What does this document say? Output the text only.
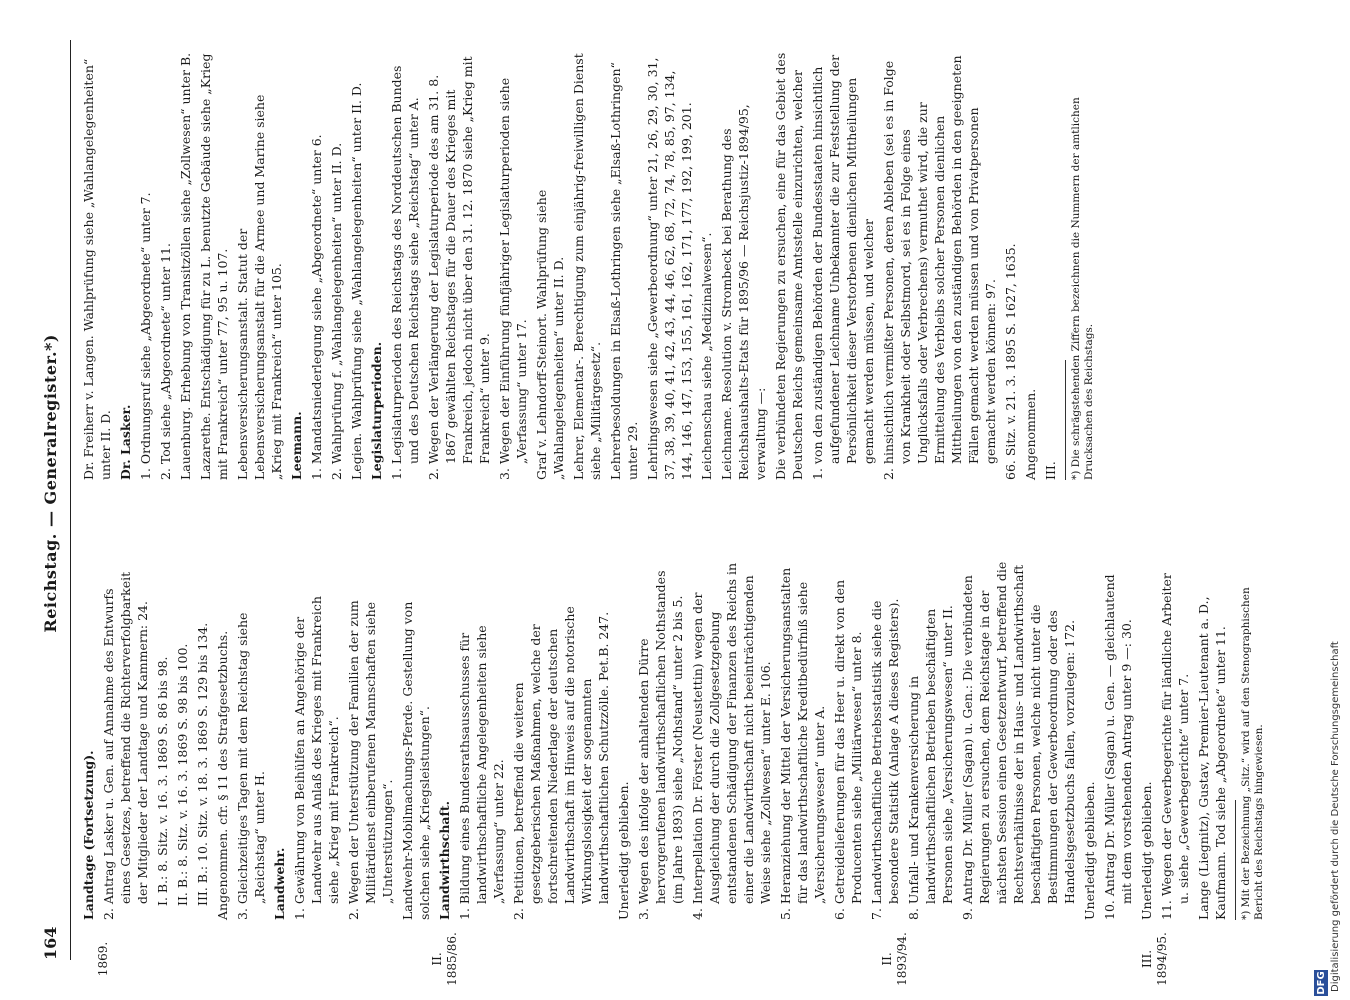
DFG Digitalisierung gefördert durch die Deutsche Forschungsgemeinschaft
164
Reichstag. — Generalregister.*)
1869.	II. 1885/86.	II. 1893/94.	III. 1894/95.

Landtage (Fortsetzung). 2. Antrag Lasker u. Gen. auf Annahme des Entwurfs eines Gesetzes, betreffend die Richterverfolgbarkeit der Mitglieder der Landtage und Kammern: 24. I. B.: 8. Sitz. v. 16. 3. 1869 S. 86 bis 98. II. B.: 8. Sitz. v. 16. 3. 1869 S. 98 bis 100. III. B.: 10. Sitz. v. 18. 3. 1869 S. 129 bis 134. Angenommen. cfr. § 11 des Strafgesetzbuchs. 3. Gleichzeitiges Tagen mit dem Reichstag siehe „Reichstag“ unter H. Landwehr. 1. Gewährung von Beihülfen an Angehörige der Landwehr aus Anlaß des Krieges mit Frankreich siehe „Krieg mit Frankreich“. 2. Wegen der Unterstützung der Familien der zum Militärdienst einberufenen Mannschaften siehe „Unterstützungen“. Landwehr-Mobilmachungs-Pferde. Gestellung von solchen siehe „Kriegsleistungen“. Landwirthschaft. 1. Bildung eines Bundesrathsausschusses für landwirthschaftliche Angelegenheiten siehe „Verfassung“ unter 22. 2. Petitionen, betreffend die weiteren gesetzgeberischen Maßnahmen, welche der fortschreitenden Niederlage der deutschen Landwirthschaft im Hinweis auf die notorische Wirkungslosigkeit der sogenannten landwirthschaftlichen Schutzzölle. Pet.B. 247. Unerledigt geblieben. 3. Wegen des infolge der anhaltenden Dürre hervorgerufenen landwirthschaftlichen Nothstandes (im Jahre 1893) siehe „Nothstand“ unter 2 bis 5. 4. Interpellation Dr. Förster (Neustettin) wegen der Ausgleichung der durch die Zollgesetzgebung entstandenen Schädigung der Finanzen des Reichs in einer die Landwirthschaft nicht beeinträchtigenden Weise siehe „Zollwesen“ unter E. 106. 5. Heranziehung der Mittel der Versicherungsanstalten für das landwirthschaftliche Kreditbedürfniß siehe „Versicherungswesen“ unter A. 6. Getreidelieferungen für das Heer u. direkt von den Producenten siehe „Militärwesen“ unter 8. 7. Landwirthschaftliche Betriebsstatistik siehe die besondere Statistik (Anlage A dieses Registers). 8. Unfall- und Krankenversicherung in landwirthschaftlichen Betrieben beschäftigten Personen siehe „Versicherungswesen“ unter II. 9. Antrag Dr. Müller (Sagan) u. Gen.: Die verbündeten Regierungen zu ersuchen, dem Reichstage in der nächsten Session einen Gesetzentwurf, betreffend die Rechtsverhältnisse der in Haus- und Landwirthschaft beschäftigten Personen, welche nicht unter die Bestimmungen der Gewerbeordnung oder des Handelsgesetzbuchs fallen, vorzulegen: 172. Unerledigt geblieben. 10. Antrag Dr. Müller (Sagan) u. Gen. — gleichlautend mit dem vorstehenden Antrag unter 9 —: 30. Unerledigt geblieben. 11. Wegen der Gewerbegerichte für ländliche Arbeiter u. siehe „Gewerbegerichte“ unter 7. Lange (Liegnitz), Gustav, Premier-Lieutenant a. D., Kaufmann. Tod siehe „Abgeordnete“ unter 11. *) Mit der Bezeichnung „Sitz.“ wird auf den Stenographischen Bericht des Reichstags hingewiesen.

Dr. Freiherr v. Langen. Wahlprüfung siehe „Wahlangelegenheiten“ unter II. D. Dr. Lasker. 1. Ordnungsruf siehe „Abgeordnete“ unter 7. 2. Tod siehe „Abgeordnete“ unter 11. Lauenburg. Erhebung von Transitzöllen siehe „Zollwesen“ unter B. Lazarethe. Entschädigung für zu L. benutzte Gebäude siehe „Krieg mit Frankreich“ unter 77, 95 u. 107. Lebensversicherungsanstalt. Statut der Lebensversicherungsanstalt für die Armee und Marine siehe „Krieg mit Frankreich“ unter 105. Leemann. 1. Mandatsniederlegung siehe „Abgeordnete“ unter 6. 2. Wahlprüfung f. „Wahlangelegenheiten“ unter II. D. Legien. Wahlprüfung siehe „Wahlangelegenheiten“ unter II. D. Legislaturperioden. 1. Legislaturperioden des Reichstags des Norddeutschen Bundes und des Deutschen Reichstags siehe „Reichstag“ unter A. 2. Wegen der Verlängerung der Legislaturperiode des am 31. 8. 1867 gewählten Reichstages für die Dauer des Krieges mit Frankreich, jedoch nicht über den 31. 12. 1870 siehe „Krieg mit Frankreich“ unter 9. 3. Wegen der Einführung fünfjähriger Legislaturperioden siehe „Verfassung“ unter 17. Graf v. Lehndorff-Steinort. Wahlprüfung siehe „Wahlangelegenheiten“ unter II. D. Lehrer, Elementar-. Berechtigung zum einjährig-freiwilligen Dienst siehe „Militärgesetz“. Lehrerbesoldungen in Elsaß-Lothringen siehe „Elsaß-Lothringen“ unter 29. Lehrlingswesen siehe „Gewerbeordnung“ unter 21, 26, 29, 30, 31, 37, 38, 39, 40, 41, 42, 43, 44, 46, 62, 68, 72, 74, 78, 85, 97, 134, 144, 146, 147, 153, 155, 161, 162, 171, 177, 192, 199, 201. Leichenschau siehe „Medizinalwesen“. Leichname. Resolution v. Strombeck bei Berathung des Reichshaushalts-Etats für 1895/96 — Reichsjustiz-1894/95, verwaltung —: Die verbündeten Regierungen zu ersuchen, eine für das Gebiet des Deutschen Reichs gemeinsame Amtsstelle einzurichten, welcher 1. von den zuständigen Behörden der Bundesstaaten hinsichtlich aufgefundener Leichname Unbekannter die zur Feststellung der Persönlichkeit dieser Verstorbenen dienlichen Mittheilungen gemacht werden müssen, und welcher 2. hinsichtlich vermißter Personen, deren Ableben (sei es in Folge von Krankheit oder Selbstmord, sei es in Folge eines Unglücksfalls oder Verbrechens) vermuthet wird, die zur Ermittelung des Verbleibs solcher Personen dienlichen Mittheilungen von den zuständigen Behörden in den geeigneten Fällen gemacht werden müssen und von Privatpersonen gemacht werden können: 97. 66. Sitz. v. 21. 3. 1895 S. 1627, 1635. Angenommen. III. *) Die schrägstehenden Ziffern bezeichnen die Nummern der amtlichen Drucksachen des Reichstags.
